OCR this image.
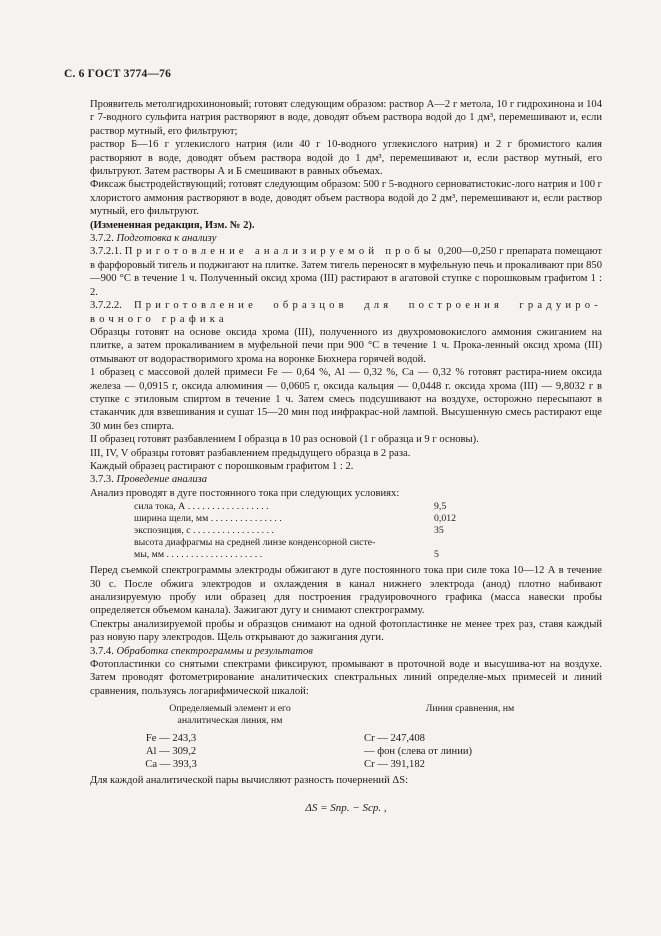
С. 6 ГОСТ 3774—76

Проявитель метолгидрохиноновый; готовят следующим образом: раствор А—2 г метола, 10 г гидрохинона и 104 г 7-водного сульфита натрия растворяют в воде, доводят объем раствора водой до 1 дм³, перемешивают и, если раствор мутный, его фильтруют;

раствор Б—16 г углекислого натрия (или 40 г 10-водного углекислого натрия) и 2 г бромистого калия растворяют в воде, доводят объем раствора водой до 1 дм³, перемешивают и, если раствор мутный, его фильтруют. Затем растворы А и Б смешивают в равных объемах.

Фиксаж быстродействующий; готовят следующим образом: 500 г 5-водного серноватистокис-лого натрия и 100 г хлористого аммония растворяют в воде, доводят объем раствора водой до 2 дм³, перемешивают и, если раствор мутный, его фильтруют.

(Измененная редакция, Изм. № 2).

3.7.2. Подготовка к анализу

3.7.2.1. Приготовление анализируемой пробы 0,200—0,250 г препарата помещают в фарфоровый тигель и поджигают на плитке. Затем тигель переносят в муфельную печь и прокаливают при 850—900 °С в течение 1 ч. Полученный оксид хрома (III) растирают в агатовой ступке с порошковым графитом 1 : 2.

3.7.2.2. Приготовление образцов для построения градуиро-вочного графика

Образцы готовят на основе оксида хрома (III), полученного из двухромовокислого аммония сжиганием на плитке, а затем прокаливанием в муфельной печи при 900 °С в течение 1 ч. Прока-ленный оксид хрома (III) отмывают от водорастворимого хрома на воронке Бюхнера горячей водой.

1 образец с массовой долей примеси Fe — 0,64 %, Al — 0,32 %, Ca — 0,32 % готовят растира-нием оксида железа — 0,0915 г, оксида алюминия — 0,0605 г, оксида кальция — 0,0448 г. оксида хрома (III) — 9,8032 г в ступке с этиловым спиртом в течение 1 ч. Затем смесь подсушивают на воздухе, осторожно пересыпают в стаканчик для взвешивания и сушат 15—20 мин под инфракрас-ной лампой. Высушенную смесь растирают еще 30 мин без спирта.

II образец готовят разбавлением I образца в 10 раз основой (1 г образца и 9 г основы).

III, IV, V образцы готовят разбавлением предыдущего образца в 2 раза.

Каждый образец растирают с порошковым графитом 1 : 2.

3.7.3. Проведение анализа

Анализ проводят в дуге постоянного тока при следующих условиях:

сила тока, А . . . . . . . . . . . . . . . . .	9,5
ширина щели, мм . . . . . . . . . . . . . . .	0,012
экспозиция, с . . . . . . . . . . . . . . . . .	35
высота диафрагмы на средней линзе конденсорной систе-
мы, мм . . . . . . . . . . . . . . . . . . . .	5

Перед съемкой спектрограммы электроды обжигают в дуге постоянного тока при силе тока 10—12 А в течение 30 с. После обжига электродов и охлаждения в канал нижнего электрода (анод) плотно набивают анализируемую пробу или образец для построения градуировочного графика (масса навески пробы определяется объемом канала). Зажигают дугу и снимают спектрограмму.

Спектры анализируемой пробы и образцов снимают на одной фотопластинке не менее трех раз, ставя каждый раз новую пару электродов. Щель открывают до зажигания дуги.

3.7.4. Обработка спектрограммы и результатов

Фотопластинки со снятыми спектрами фиксируют, промывают в проточной воде и высушива-ют на воздухе. Затем проводят фотометрирование аналитических спектральных линий определяе-мых примесей и линий сравнения, пользуясь логарифмической шкалой:

Определяемый элемент и его
аналитическая линия, нм
Линия сравнения, нм
Fe — 243,3	Cr — 247,408
Al — 309,2	— фон (слева от линии)
Ca — 393,3	Cr — 391,182

Для каждой аналитической пары вычисляют разность почернений ΔS:

ΔS = Sпр. − Sср. ,
